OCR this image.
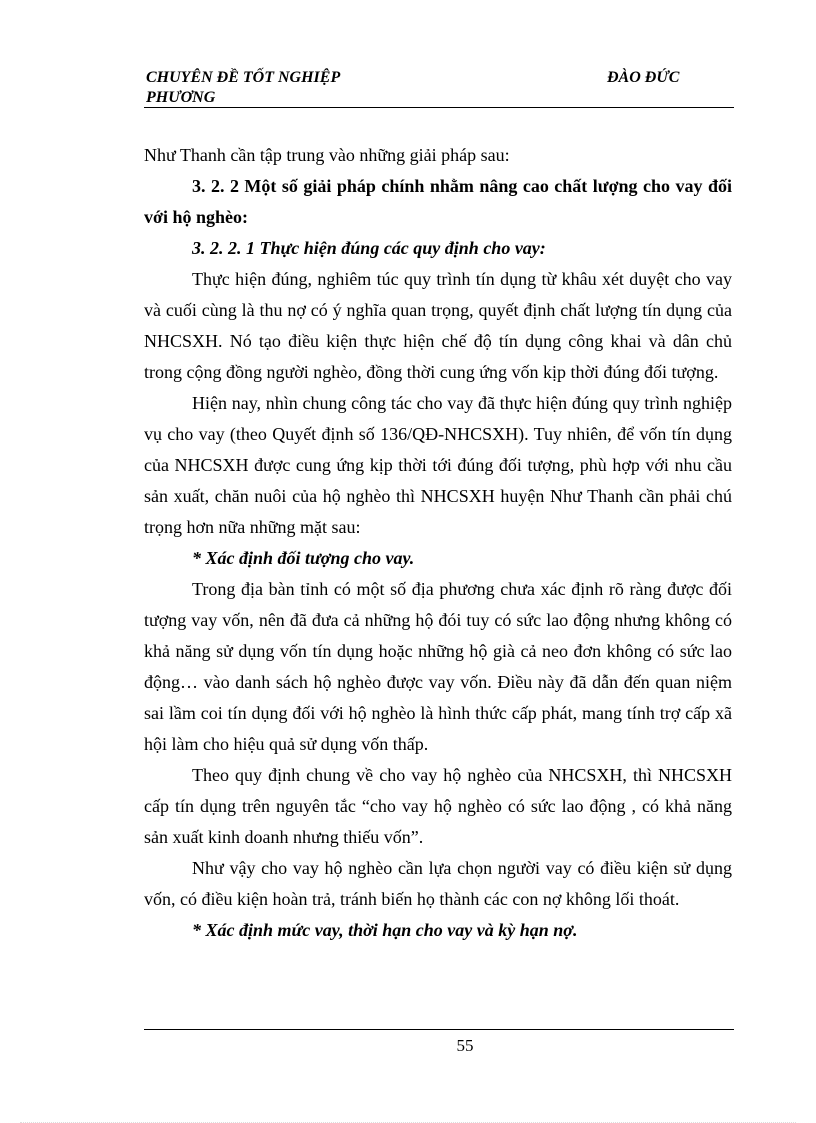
CHUYÊN ĐỀ TỐT NGHIỆP PHƯƠNG
ĐÀO ĐỨC

Như Thanh cần tập trung vào những giải pháp sau:

3. 2. 2 Một số giải pháp chính nhằm nâng cao chất lượng cho vay đối với hộ nghèo:

3. 2. 2. 1 Thực hiện đúng các quy định cho vay:

Thực hiện đúng, nghiêm túc quy trình tín dụng từ khâu xét duyệt cho vay và cuối cùng là thu nợ có ý nghĩa quan trọng, quyết định chất lượng tín dụng của NHCSXH. Nó tạo điều kiện thực hiện chế độ tín dụng công khai và dân chủ trong cộng đồng người nghèo, đồng thời cung ứng vốn kịp thời đúng đối tượng.

Hiện nay, nhìn chung công tác cho vay đã thực hiện đúng quy trình nghiệp vụ cho vay (theo Quyết định số 136/QĐ-NHCSXH). Tuy nhiên, để vốn tín dụng của NHCSXH được cung ứng kịp thời tới đúng đối tượng, phù hợp với nhu cầu sản xuất, chăn nuôi của hộ nghèo thì NHCSXH huyện Như Thanh cần phải chú trọng hơn nữa những mặt sau:

* Xác định đối tượng cho vay.

Trong địa bàn tỉnh có một số địa phương chưa xác định rõ ràng được đối tượng vay vốn, nên đã đưa cả những hộ đói tuy có sức lao động nhưng không có khả năng sử dụng vốn tín dụng hoặc những hộ già cả neo đơn không có sức lao động… vào danh sách hộ nghèo được vay vốn. Điều này đã dẫn đến quan niệm sai lầm coi tín dụng đối với hộ nghèo là hình thức cấp phát, mang tính trợ cấp xã hội làm cho hiệu quả sử dụng vốn thấp.

Theo quy định chung về cho vay hộ nghèo của NHCSXH, thì NHCSXH cấp tín dụng trên nguyên tắc “cho vay hộ nghèo có sức lao động , có khả năng sản xuất kinh doanh nhưng thiếu vốn”.

Như vậy cho vay hộ nghèo cần lựa chọn người vay có điều kiện sử dụng vốn, có điều kiện hoàn trả, tránh biến họ thành các con nợ không lối thoát.

* Xác định mức vay, thời hạn cho vay và kỳ hạn nợ.

55
